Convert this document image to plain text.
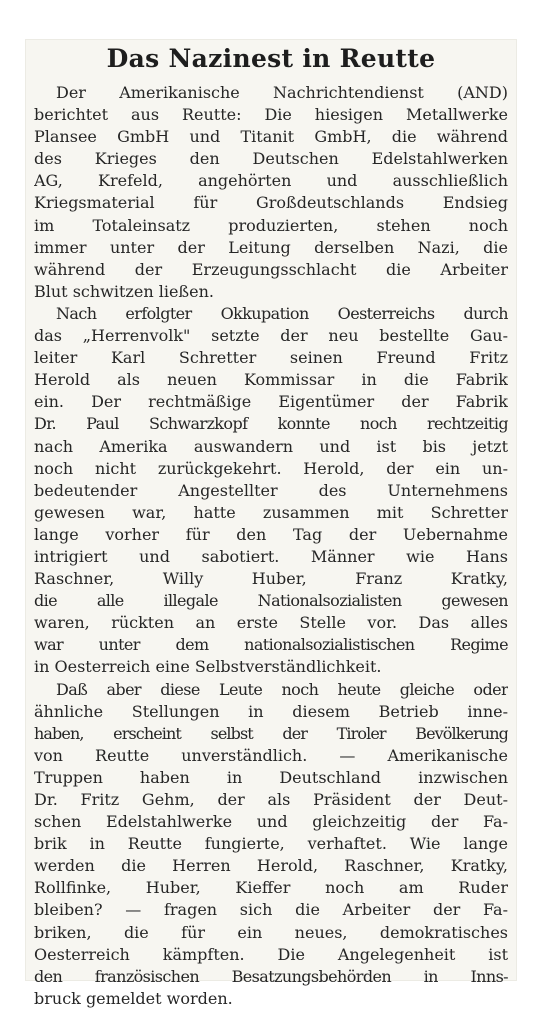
Das Nazinest in Reutte

Der Amerikanische Nachrichtendienst (AND)
berichtet aus Reutte: Die hiesigen Metallwerke
Plansee GmbH und Titanit GmbH, die während
des Krieges den Deutschen Edelstahlwerken
AG, Krefeld, angehörten und ausschließlich
Kriegsmaterial für Großdeutschlands Endsieg
im Totaleinsatz produzierten, stehen noch
immer unter der Leitung derselben Nazi, die
während der Erzeugungsschlacht die Arbeiter
Blut schwitzen ließen.

Nach erfolgter Okkupation Oesterreichs durch
das „Herrenvolk" setzte der neu bestellte Gau-
leiter Karl Schretter seinen Freund Fritz
Herold als neuen Kommissar in die Fabrik
ein. Der rechtmäßige Eigentümer der Fabrik
Dr. Paul Schwarzkopf konnte noch rechtzeitig
nach Amerika auswandern und ist bis jetzt
noch nicht zurückgekehrt. Herold, der ein un-
bedeutender Angestellter des Unternehmens
gewesen war, hatte zusammen mit Schretter
lange vorher für den Tag der Uebernahme
intrigiert und sabotiert. Männer wie Hans
Raschner, Willy Huber, Franz Kratky,
die alle illegale Nationalsozialisten gewesen
waren, rückten an erste Stelle vor. Das alles
war unter dem nationalsozialistischen Regime
in Oesterreich eine Selbstverständlichkeit.

Daß aber diese Leute noch heute gleiche oder
ähnliche Stellungen in diesem Betrieb inne-
haben, erscheint selbst der Tiroler Bevölkerung
von Reutte unverständlich. — Amerikanische
Truppen haben in Deutschland inzwischen
Dr. Fritz Gehm, der als Präsident der Deut-
schen Edelstahlwerke und gleichzeitig der Fa-
brik in Reutte fungierte, verhaftet. Wie lange
werden die Herren Herold, Raschner, Kratky,
Rollfinke, Huber, Kieffer noch am Ruder
bleiben? — fragen sich die Arbeiter der Fa-
briken, die für ein neues, demokratisches
Oesterreich kämpften. Die Angelegenheit ist
den französischen Besatzungsbehörden in Inns-
bruck gemeldet worden.
